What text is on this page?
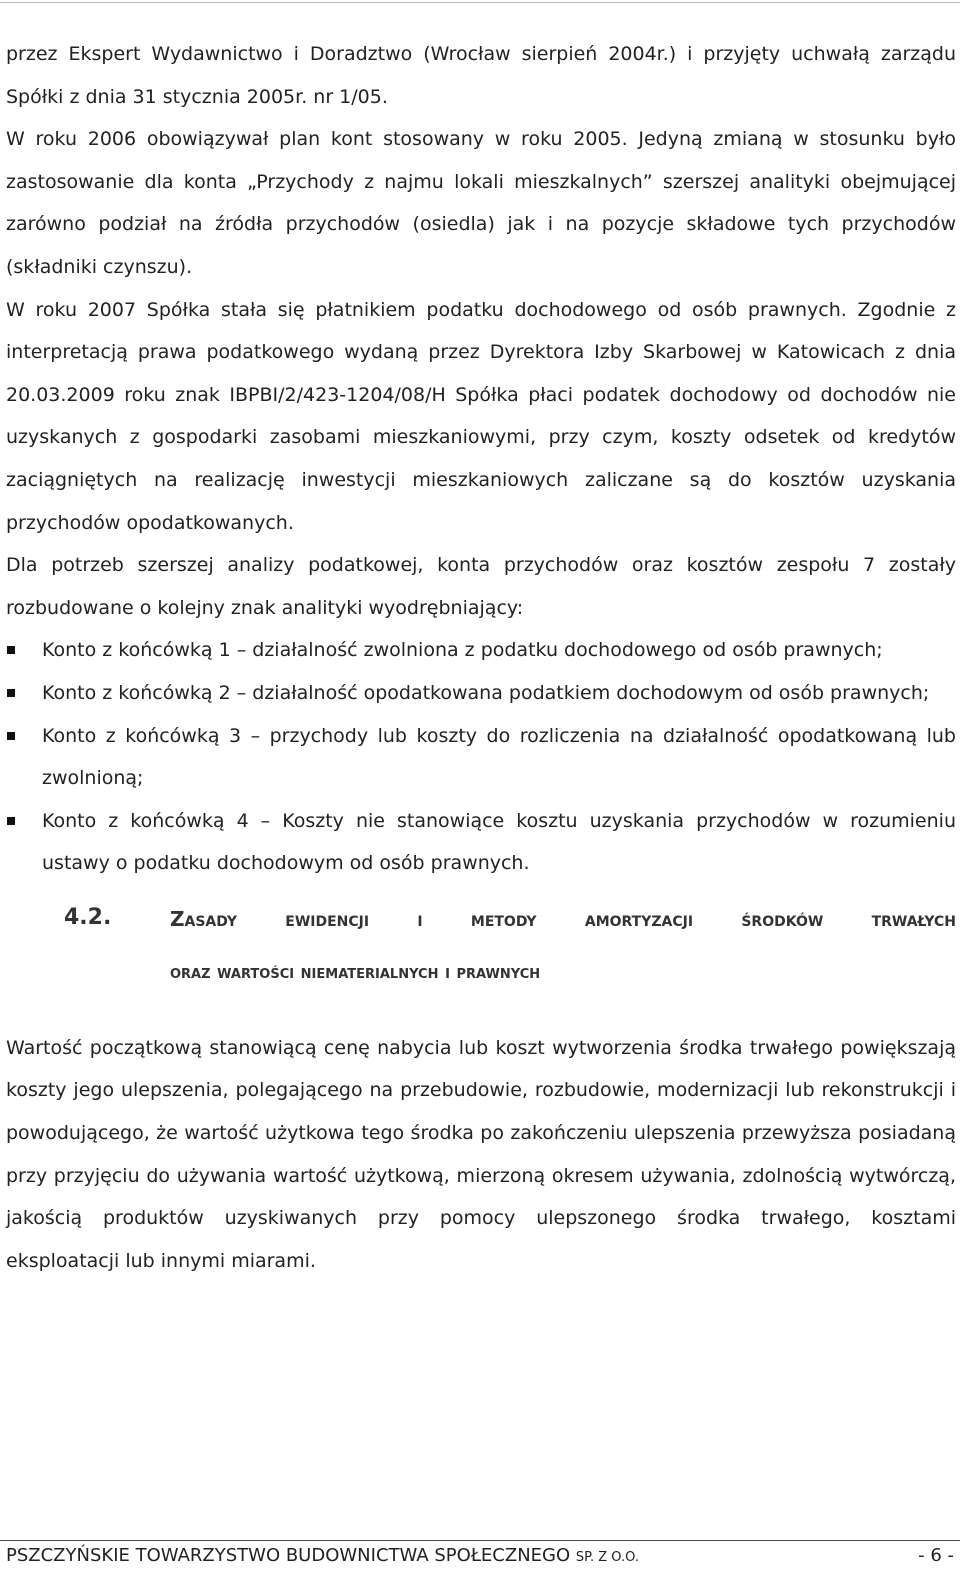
przez Ekspert Wydawnictwo i Doradztwo (Wrocław sierpień 2004r.) i przyjęty uchwałą zarządu Spółki z dnia 31 stycznia 2005r. nr 1/05.

W roku 2006 obowiązywał plan kont stosowany w roku 2005. Jedyną zmianą w stosunku było zastosowanie dla konta „Przychody z najmu lokali mieszkalnych” szerszej analityki obejmującej zarówno podział na źródła przychodów (osiedla) jak i na pozycje składowe tych przychodów (składniki czynszu).

W roku 2007 Spółka stała się płatnikiem podatku dochodowego od osób prawnych. Zgodnie z interpretacją prawa podatkowego wydaną przez Dyrektora Izby Skarbowej w Katowicach z dnia 20.03.2009 roku znak IBPBI/2/423-1204/08/H Spółka płaci podatek dochodowy od dochodów nie uzyskanych z gospodarki zasobami mieszkaniowymi, przy czym, koszty odsetek od kredytów zaciągniętych na realizację inwestycji mieszkaniowych zaliczane są do kosztów uzyskania przychodów opodatkowanych.

Dla potrzeb szerszej analizy podatkowej, konta przychodów oraz kosztów zespołu 7 zostały rozbudowane o kolejny znak analityki wyodrębniający:

Konto z końcówką 1 – działalność zwolniona z podatku dochodowego od osób prawnych;
Konto z końcówką 2 – działalność opodatkowana podatkiem dochodowym od osób prawnych;
Konto z końcówką 3 – przychody lub koszty do rozliczenia na działalność opodatkowaną lub zwolnioną;
Konto z końcówką 4 – Koszty nie stanowiące kosztu uzyskania przychodów w rozumieniu ustawy o podatku dochodowym od osób prawnych.
4.2.	Zasady ewidencji i metody amortyzacji środków trwałych
oraz wartości niematerialnych i prawnych

Wartość początkową stanowiącą cenę nabycia lub koszt wytworzenia środka trwałego powiększają koszty jego ulepszenia, polegającego na przebudowie, rozbudowie, modernizacji lub rekonstrukcji i powodującego, że wartość użytkowa tego środka po zakończeniu ulepszenia przewyższa posiadaną przy przyjęciu do używania wartość użytkową, mierzoną okresem używania, zdolnością wytwórczą, jakością produktów uzyskiwanych przy pomocy ulepszonego środka trwałego, kosztami eksploatacji lub innymi miarami.

PSZCZYŃSKIE TOWARZYSTWO BUDOWNICTWA SPOŁECZNEGO SP. Z O.O.	- 6 -
